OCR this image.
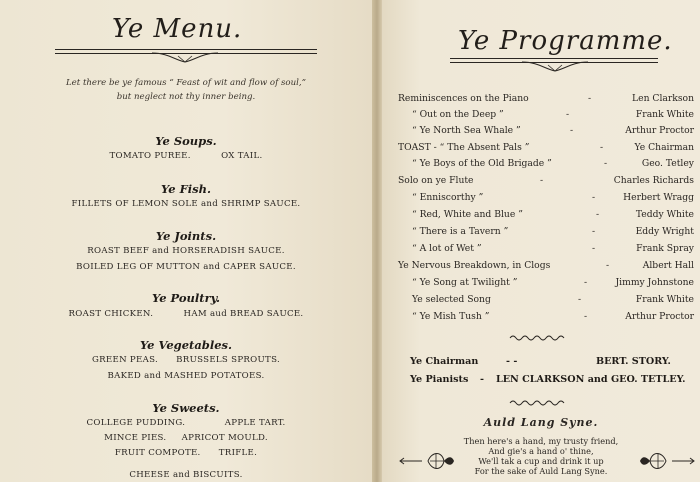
Ye Menu.
Let there be ye famous “ Feast of wit and flow of soul,”
but neglect not thy inner being.
Ye Soups.
TOMATO PUREE.          OX TAIL.
Ye Fish.
FILLETS OF LEMON SOLE and SHRIMP SAUCE.
Ye Joints.
ROAST BEEF and HORSERADISH SAUCE.
BOILED LEG OF MUTTON and CAPER SAUCE.
Ye Poultry.
ROAST CHICKEN.          HAM aud BREAD SAUCE.
Ye Vegetables.
GREEN PEAS.      BRUSSELS SPROUTS.
BAKED and MASHED POTATOES.
Ye Sweets.
COLLEGE PUDDING.             APPLE TART.
MINCE PIES.     APRICOT MOULD.
FRUIT COMPOTE.      TRIFLE.
CHEESE and BISCUITS.
Ye Programme.
Reminiscences on the Piano	-	Len Clarkson
“ Out on the Deep ”	-	Frank White
“ Ye North Sea Whale ”	-	Arthur Proctor
TOAST - “ The Absent Pals ”	-	Ye Chairman
“ Ye Boys of the Old Brigade ”	-	Geo. Tetley
Solo on ye Flute	-	Charles Richards
“ Enniscorthy ”	-	Herbert Wragg
“ Red, White and Blue ”	-	Teddy White
“ There is a Tavern ”	-	Eddy Wright
“ A lot of Wet ”	-	Frank Spray
Ye Nervous Breakdown, in Clogs	-	Albert Hall
“ Ye Song at Twilight ”	-	Jimmy Johnstone
Ye selected Song	-	Frank White
“ Ye Mish Tush ”	-	Arthur Proctor
Ye Chairman	- -	BERT. STORY.
Ye Pianists - LEN CLARKSON and GEO. TETLEY.
Auld Lang Syne.
Then here's a hand, my trusty friend,
And gie's a hand o' thine,
We'll tak a cup and drink it up
For the sake of Auld Lang Syne.
